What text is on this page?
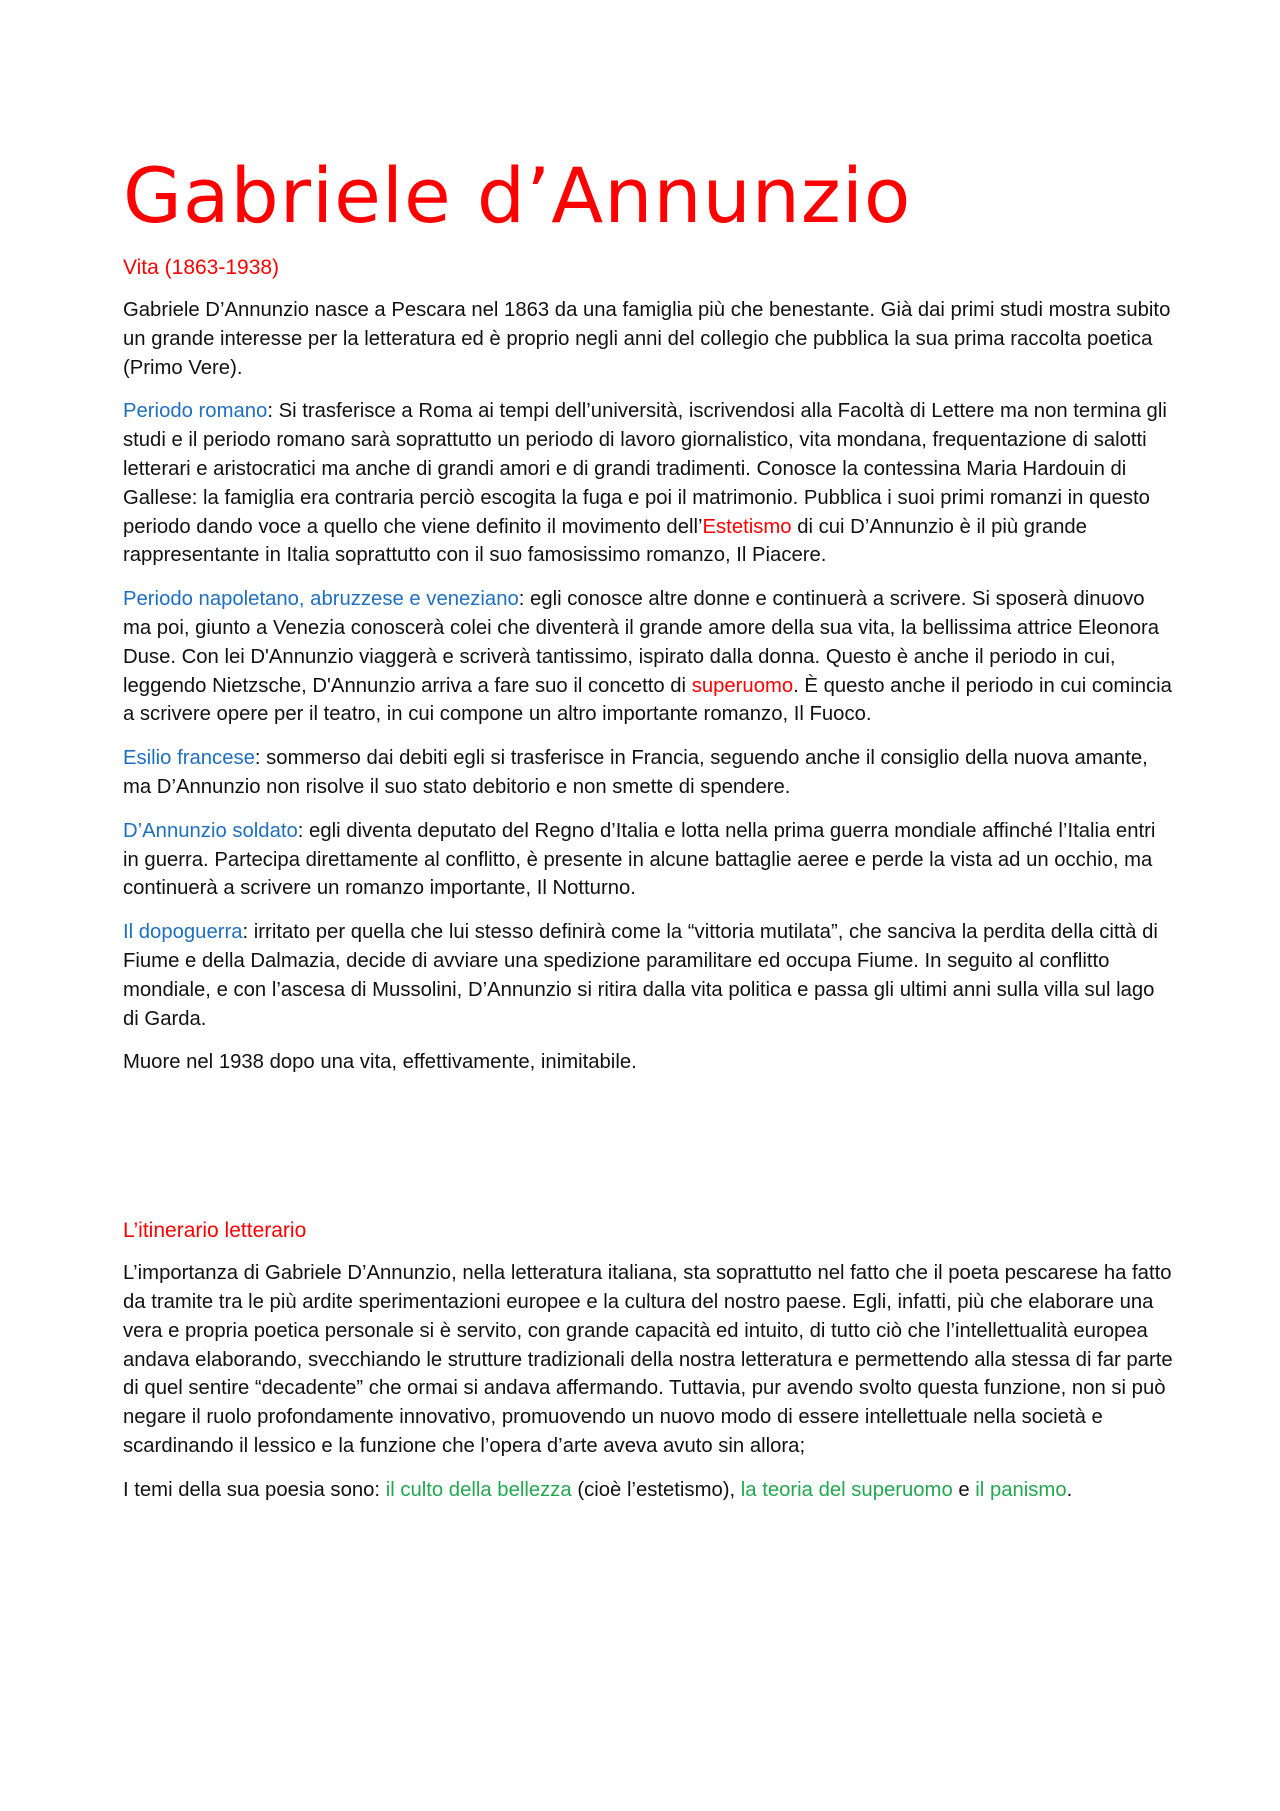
Gabriele d’Annunzio
Vita (1863-1938)

Gabriele D’Annunzio nasce a Pescara nel 1863 da una famiglia più che benestante. Già dai primi studi mostra subito un grande interesse per la letteratura ed è proprio negli anni del collegio che pubblica la sua prima raccolta poetica (Primo Vere).

Periodo romano: Si trasferisce a Roma ai tempi dell’università, iscrivendosi alla Facoltà di Lettere ma non termina gli studi e il periodo romano sarà soprattutto un periodo di lavoro giornalistico, vita mondana, frequentazione di salotti letterari e aristocratici ma anche di grandi amori e di grandi tradimenti. Conosce la contessina Maria Hardouin di Gallese: la famiglia era contraria perciò escogita la fuga e poi il matrimonio. Pubblica i suoi primi romanzi in questo periodo dando voce a quello che viene definito il movimento dell’Estetismo di cui D’Annunzio è il più grande rappresentante in Italia soprattutto con il suo famosissimo romanzo, Il Piacere.

Periodo napoletano, abruzzese e veneziano: egli conosce altre donne e continuerà a scrivere. Si sposerà dinuovo ma poi, giunto a Venezia conoscerà colei che diventerà il grande amore della sua vita, la bellissima attrice Eleonora Duse. Con lei D'Annunzio viaggerà e scriverà tantissimo, ispirato dalla donna. Questo è anche il periodo in cui, leggendo Nietzsche, D'Annunzio arriva a fare suo il concetto di superuomo. È questo anche il periodo in cui comincia a scrivere opere per il teatro, in cui compone un altro importante romanzo, Il Fuoco.

Esilio francese: sommerso dai debiti egli si trasferisce in Francia, seguendo anche il consiglio della nuova amante, ma D’Annunzio non risolve il suo stato debitorio e non smette di spendere.

D’Annunzio soldato: egli diventa deputato del Regno d’Italia e lotta nella prima guerra mondiale affinché l’Italia entri in guerra. Partecipa direttamente al conflitto, è presente in alcune battaglie aeree e perde la vista ad un occhio, ma continuerà a scrivere un romanzo importante, Il Notturno.

Il dopoguerra: irritato per quella che lui stesso definirà come la “vittoria mutilata”, che sanciva la perdita della città di Fiume e della Dalmazia, decide di avviare una spedizione paramilitare ed occupa Fiume. In seguito al conflitto mondiale, e con l’ascesa di Mussolini, D’Annunzio si ritira dalla vita politica e passa gli ultimi anni sulla villa sul lago di Garda.

Muore nel 1938 dopo una vita, effettivamente, inimitabile.

L’itinerario letterario

L’importanza di Gabriele D’Annunzio, nella letteratura italiana, sta soprattutto nel fatto che il poeta pescarese ha fatto da tramite tra le più ardite sperimentazioni europee e la cultura del nostro paese. Egli, infatti, più che elaborare una vera e propria poetica personale si è servito, con grande capacità ed intuito, di tutto ciò che l’intellettualità europea andava elaborando, svecchiando le strutture tradizionali della nostra letteratura e permettendo alla stessa di far parte di quel sentire “decadente” che ormai si andava affermando. Tuttavia, pur avendo svolto questa funzione, non si può negare il ruolo profondamente innovativo, promuovendo un nuovo modo di essere intellettuale nella società e scardinando il lessico e la funzione che l’opera d’arte aveva avuto sin allora;

I temi della sua poesia sono: il culto della bellezza (cioè l’estetismo), la teoria del superuomo e il panismo.
